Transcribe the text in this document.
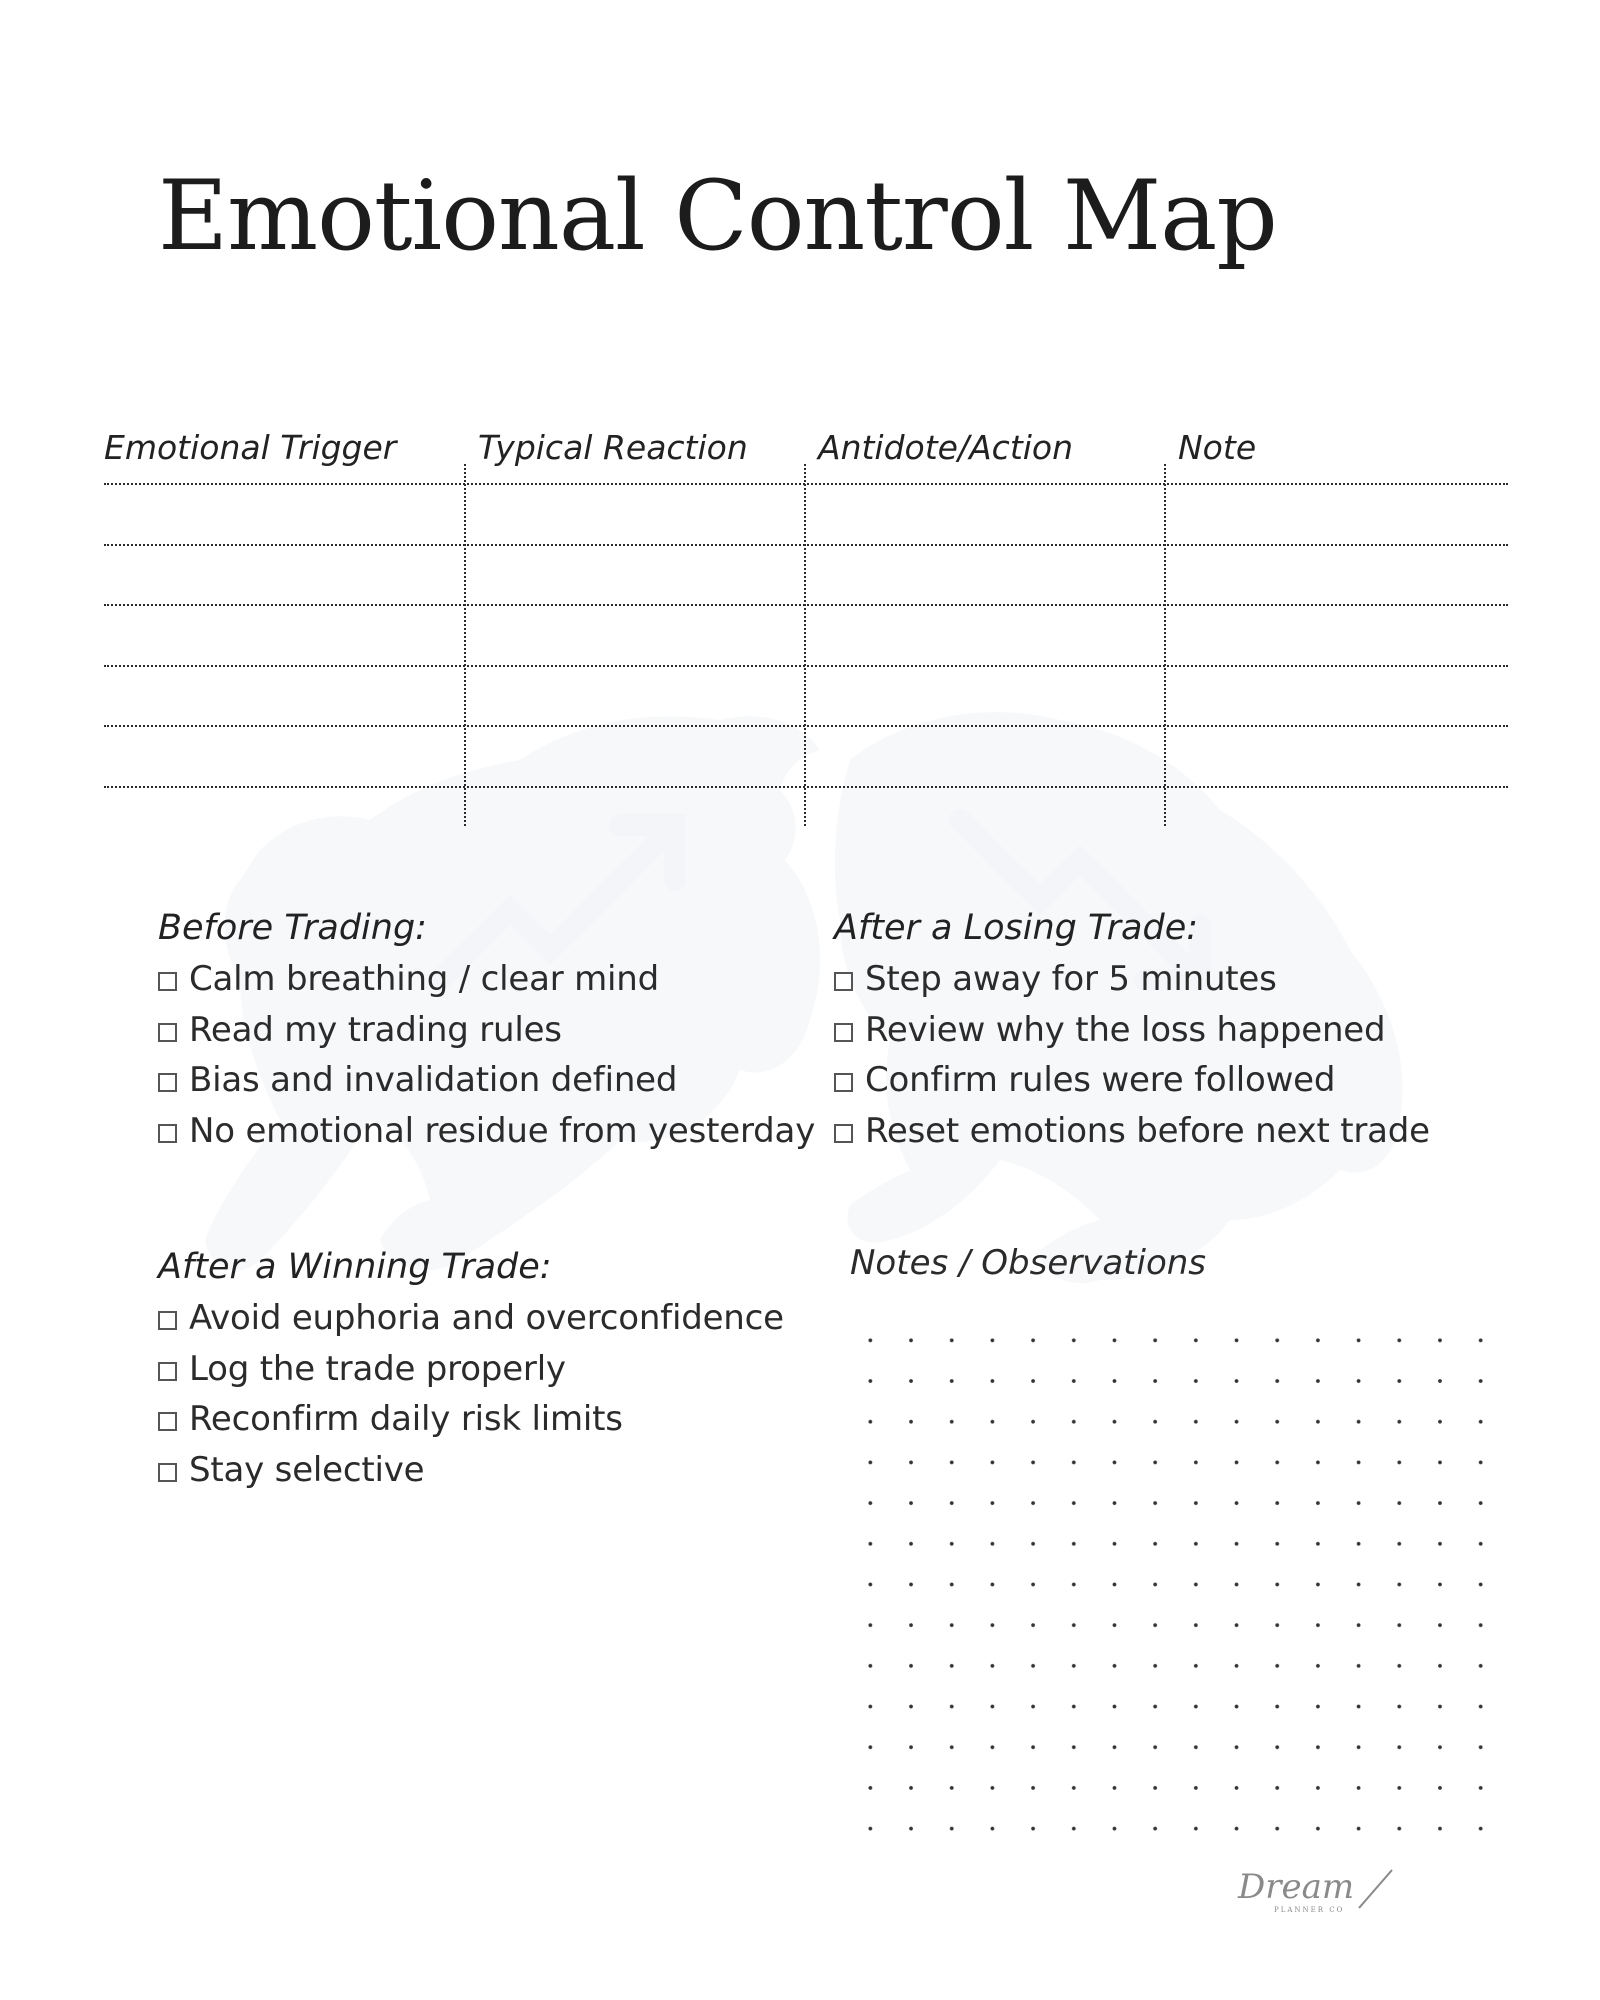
Emotional Control Map
Emotional Trigger Typical Reaction Antidote/Action	Note
Before Trading:
Calm breathing / clear mind
Read my trading rules
Bias and invalidation defined
No emotional residue from yesterday
After a Losing Trade:
Step away for 5 minutes
Review why the loss happened
Confirm rules were followed
Reset emotions before next trade
After a Winning Trade:
Avoid euphoria and overconfidence
Log the trade properly
Reconfirm daily risk limits
Stay selective
Notes / Observations
Dream
PLANNER CO
